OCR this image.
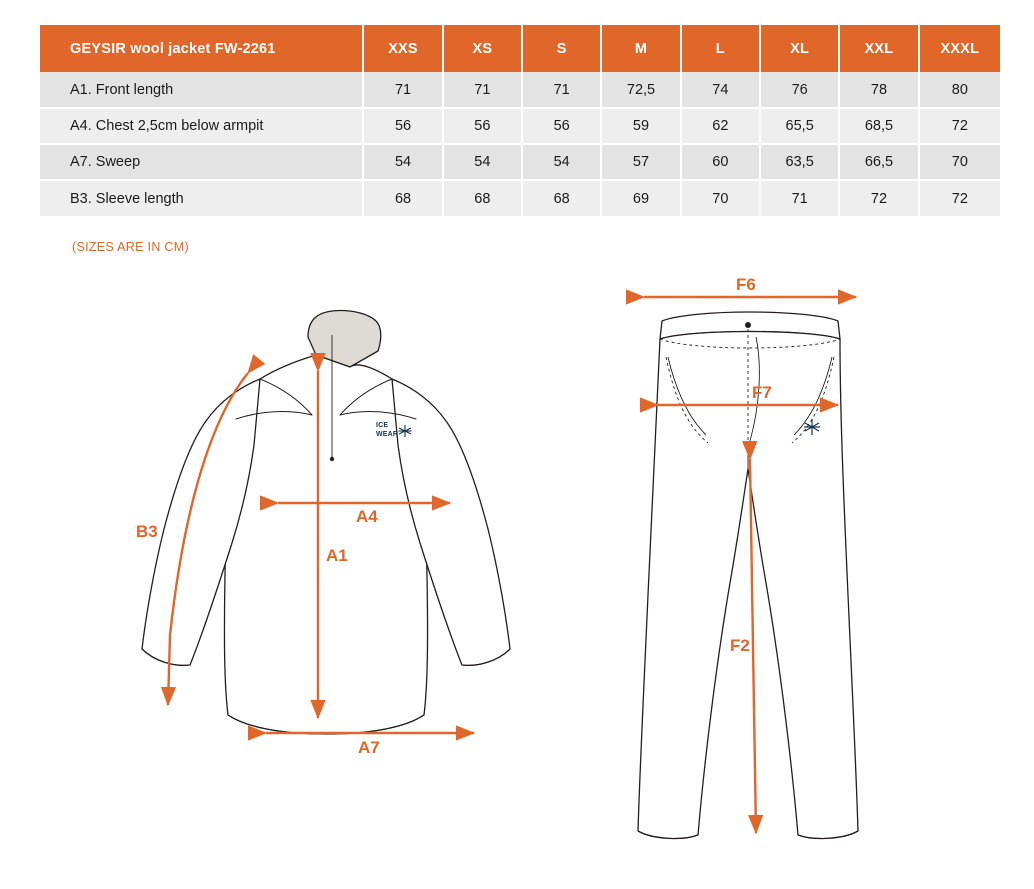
GEYSIR wool jacket FW-2261	XXS	XS	S	M	L	XL	XXL	XXXL
A1. Front length	71	71	71	72,5	74	76	78	80
A4. Chest 2,5cm below armpit	56	56	56	59	62	65,5	68,5	72
A7. Sweep	54	54	54	57	60	63,5	66,5	70
B3. Sleeve length	68	68	68	69	70	71	72	72
(SIZES ARE IN CM)
ICE
WEAR
B3
A4
A1
A7
F6
F7
F2
